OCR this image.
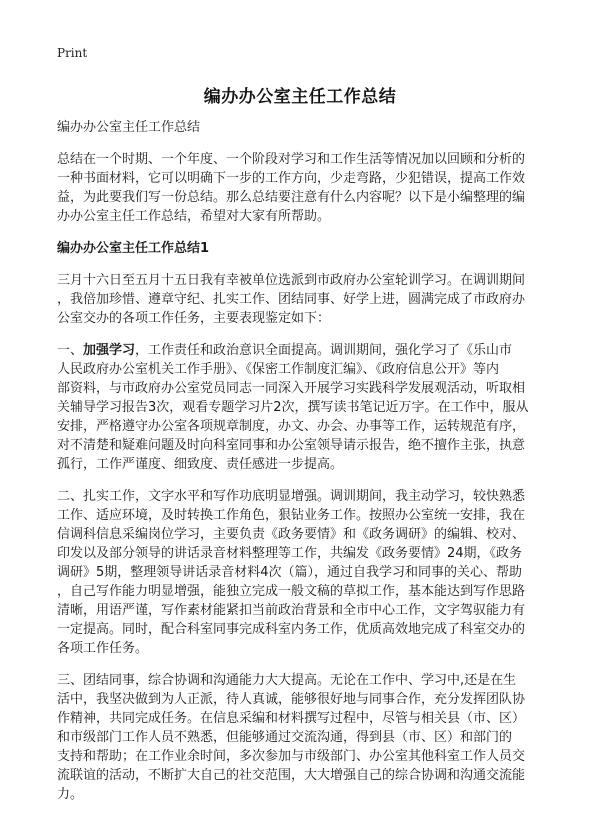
Print
编办办公室主任工作总结
编办办公室主任工作总结
总结在一个时期、一个年度、一个阶段对学习和工作生活等情况加以回顾和分析的
一种书面材料，它可以明确下一步的工作方向，少走弯路，少犯错误，提高工作效
益，为此要我们写一份总结。那么总结要注意有什么内容呢？以下是小编整理的编
办办公室主任工作总结，希望对大家有所帮助。
编办办公室主任工作总结1
三月十六日至五月十五日我有幸被单位选派到市政府办公室轮训学习。在调训期间
，我倍加珍惜、遵章守纪、扎实工作、团结同事、好学上进，圆满完成了市政府办
公室交办的各项工作任务，主要表现鉴定如下：
一、加强学习，工作责任和政治意识全面提高。调训期间，强化学习了《乐山市
人民政府办公室机关工作手册》、《保密工作制度汇编》、《政府信息公开》等内
部资料，与市政府办公室党员同志一同深入开展学习实践科学发展观活动，听取相
关辅导学习报告3次，观看专题学习片2次，撰写读书笔记近万字。在工作中，服从
安排，严格遵守办公室各项规章制度，办文、办会、办事等工作，运转规范有序，
对不清楚和疑难问题及时向科室同事和办公室领导请示报告，绝不擅作主张，执意
孤行，工作严谨度、细致度、责任感进一步提高。
二、扎实工作，文字水平和写作功底明显增强。调训期间，我主动学习，较快熟悉
工作、适应环境，及时转换工作角色，狠钻业务工作。按照办公室统一安排，我在
信调科信息采编岗位学习，主要负责《政务要情》和《政务调研》的编辑、校对、
印发以及部分领导的讲话录音材料整理等工作，共编发《政务要情》24期，《政务
调研》5期，整理领导讲话录音材料4次（篇），通过自我学习和同事的关心、帮助
，自己写作能力明显增强，能独立完成一般文稿的草拟工作，基本能达到写作思路
清晰，用语严谨，写作素材能紧扣当前政治背景和全市中心工作，文字驾驭能力有
一定提高。同时，配合科室同事完成科室内务工作，优质高效地完成了科室交办的
各项工作任务。
三、团结同事，综合协调和沟通能力大大提高。无论在工作中、学习中,还是在生
活中，我坚决做到为人正派，待人真诚，能够很好地与同事合作，充分发挥团队协
作精神，共同完成任务。在信息采编和材料撰写过程中，尽管与相关县（市、区）
和市级部门工作人员不熟悉，但能够通过交流沟通，得到县（市、区）和部门的
支持和帮助；在工作业余时间，多次参加与市级部门、办公室其他科室工作人员交
流联谊的活动，不断扩大自己的社交范围，大大增强自己的综合协调和沟通交流能
力。
